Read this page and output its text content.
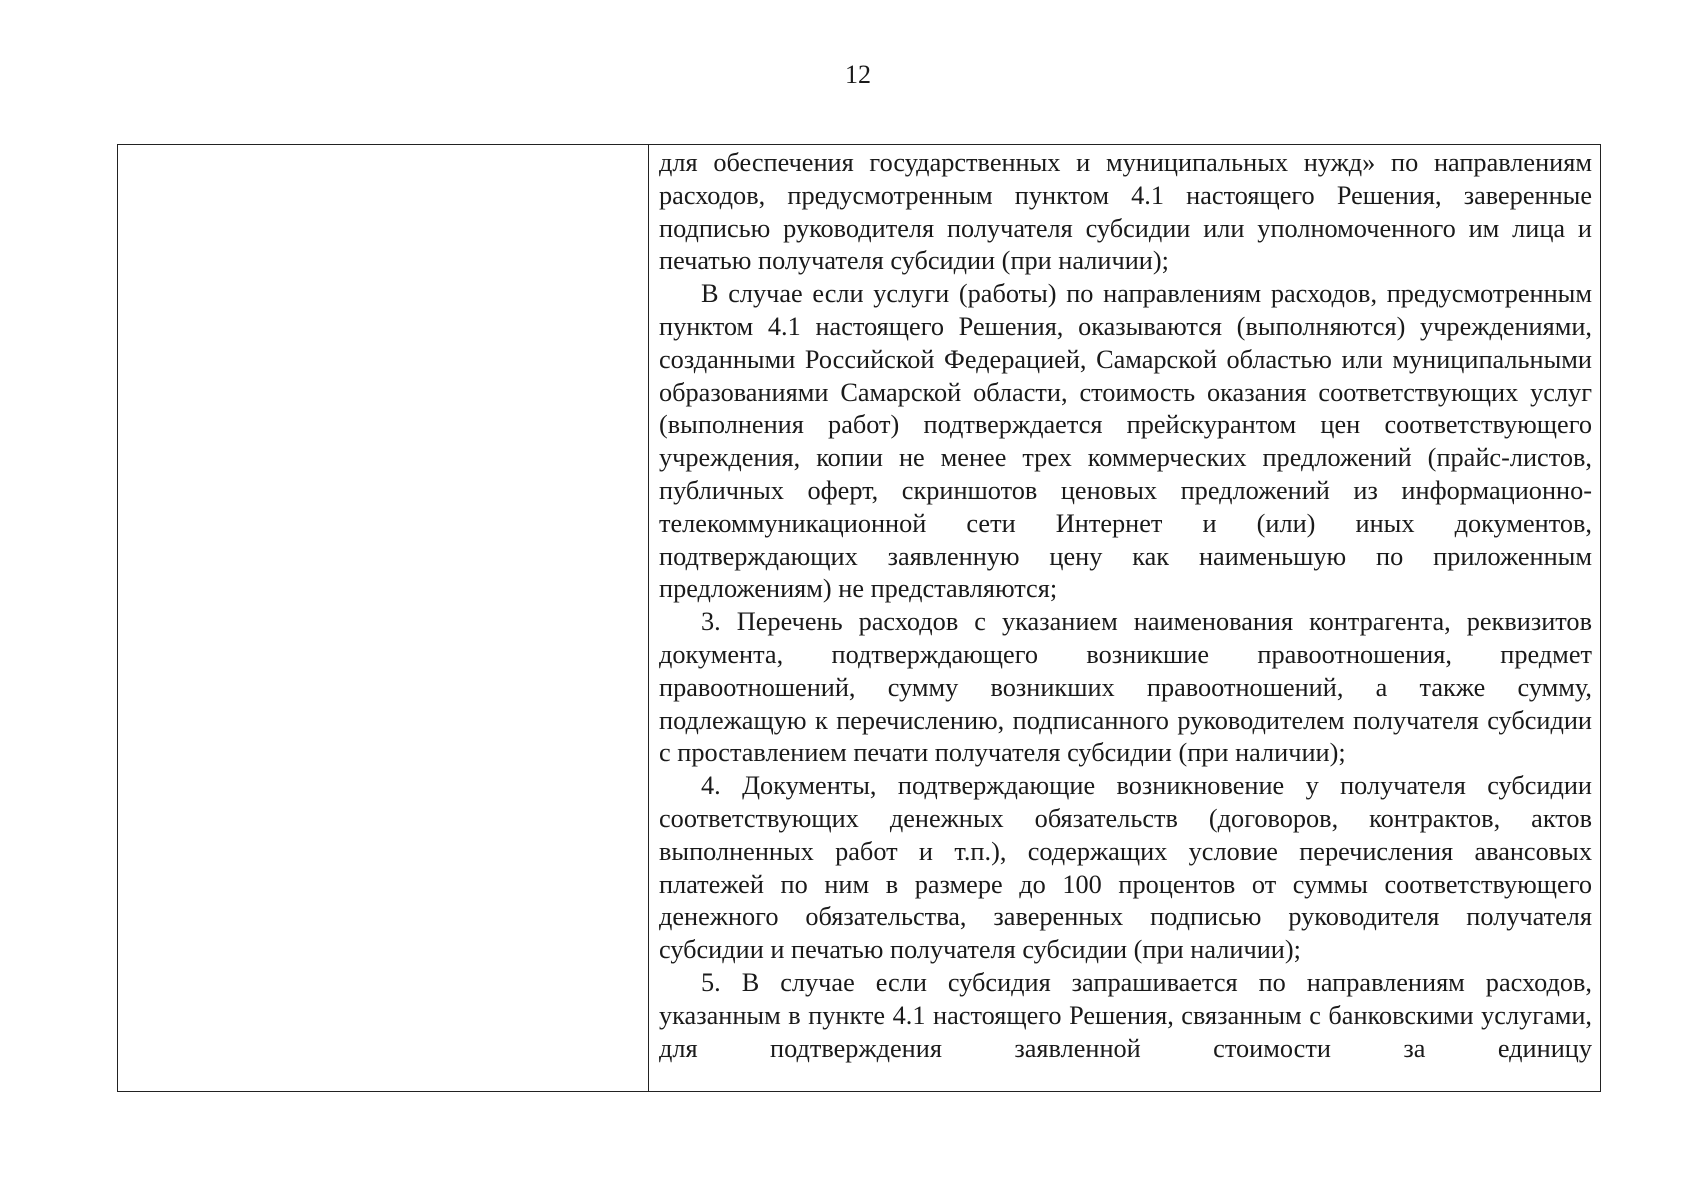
12

для обеспечения государственных и муниципальных нужд» по направлениям расходов, предусмотренным пунктом 4.1 настоящего Решения, заверенные подписью руководителя получателя субсидии или уполномоченного им лица и печатью получателя субсидии (при наличии);

В случае если услуги (работы) по направлениям расходов, предусмотренным пунктом 4.1 настоящего Решения, оказываются (выполняются) учреждениями, созданными Российской Федерацией, Самарской областью или муниципальными образованиями Самарской области, стоимость оказания соответствующих услуг (выполнения работ) подтверждается прейскурантом цен соответствующего учреждения, копии не менее трех коммерческих предложений (прайс-листов, публичных оферт, скриншотов ценовых предложений из информационно-телекоммуникационной сети Интернет и (или) иных документов, подтверждающих заявленную цену как наименьшую по приложенным предложениям) не представляются;

3. Перечень расходов с указанием наименования контрагента, реквизитов документа, подтверждающего возникшие правоотношения, предмет правоотношений, сумму возникших правоотношений, а также сумму, подлежащую к перечислению, подписанного руководителем получателя субсидии с проставлением печати получателя субсидии (при наличии);

4. Документы, подтверждающие возникновение у получателя субсидии соответствующих денежных обязательств (договоров, контрактов, актов выполненных работ и т.п.), содержащих условие перечисления авансовых платежей по ним в размере до 100 процентов от суммы соответствующего денежного обязательства, заверенных подписью руководителя получателя субсидии и печатью получателя субсидии (при наличии);

5. В случае если субсидия запрашивается по направлениям расходов, указанным в пункте 4.1 настоящего Решения, связанным с банковскими услугами, для подтверждения заявленной стоимости за единицу
